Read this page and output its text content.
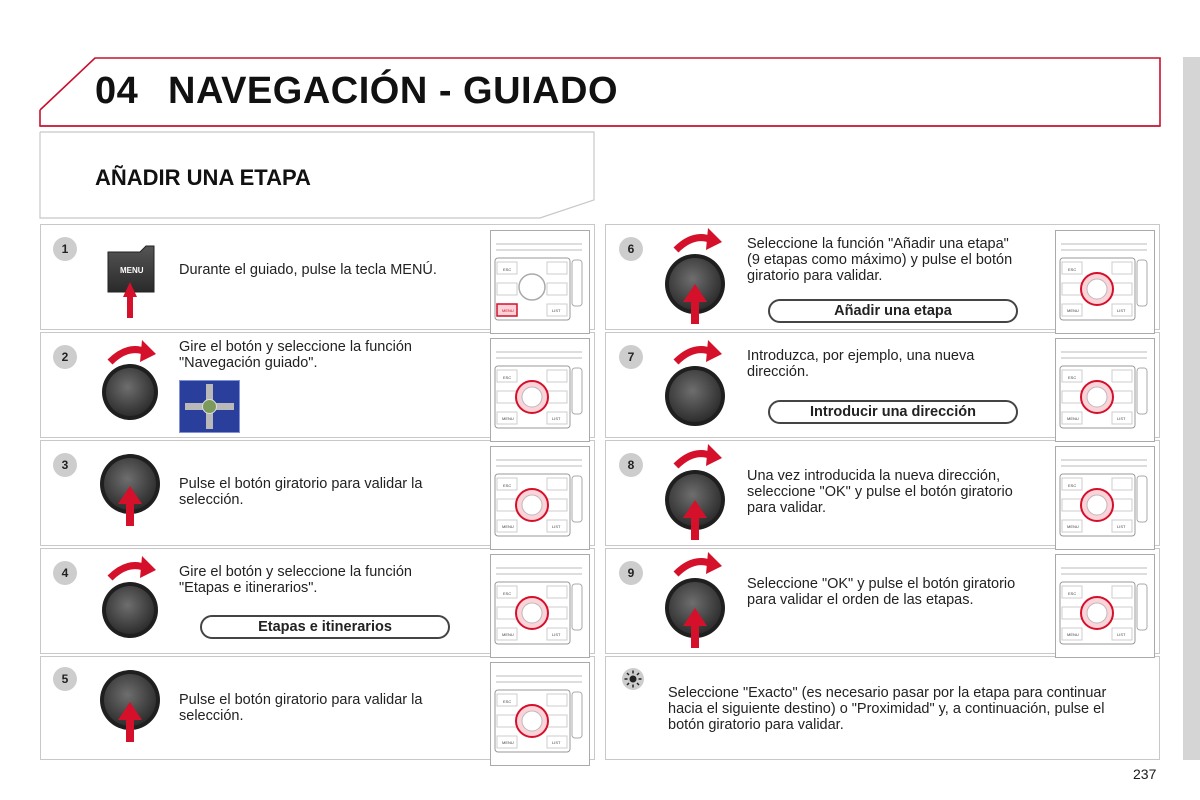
04 NAVEGACIÓN - GUIADO
AÑADIR UNA ETAPA
1
2
3
4
5
6
7
8
9
Durante el guiado, pulse la tecla MENÚ.
Gire el botón y seleccione la función "Navegación guiado".
Pulse el botón giratorio para validar la selección.
Gire el botón y seleccione la función "Etapas e itinerarios".
Pulse el botón giratorio para validar la selección.
Seleccione la función "Añadir una etapa" (9 etapas como máximo) y pulse el botón giratorio para validar.
Introduzca, por ejemplo, una nueva dirección.
Una vez introducida la nueva dirección, seleccione "OK" y pulse el botón giratorio para validar.
Seleccione "OK" y pulse el botón giratorio para validar el orden de las etapas.
Seleccione "Exacto" (es necesario pasar por la etapa para continuar hacia el siguiente destino) o "Proximidad" y, a continuación, pulse el botón giratorio para validar.
Etapas e itinerarios
Añadir una etapa
Introducir una dirección
MENU	ESC
MENU	LIST
ESC
MENU	LIST
ESC
MENU	LIST
ESC
MENU	LIST
ESC
MENU	LIST
ESC
MENU	LIST
ESC
MENU	LIST
ESC
MENU	LIST
ESC
MENU	LIST
237
